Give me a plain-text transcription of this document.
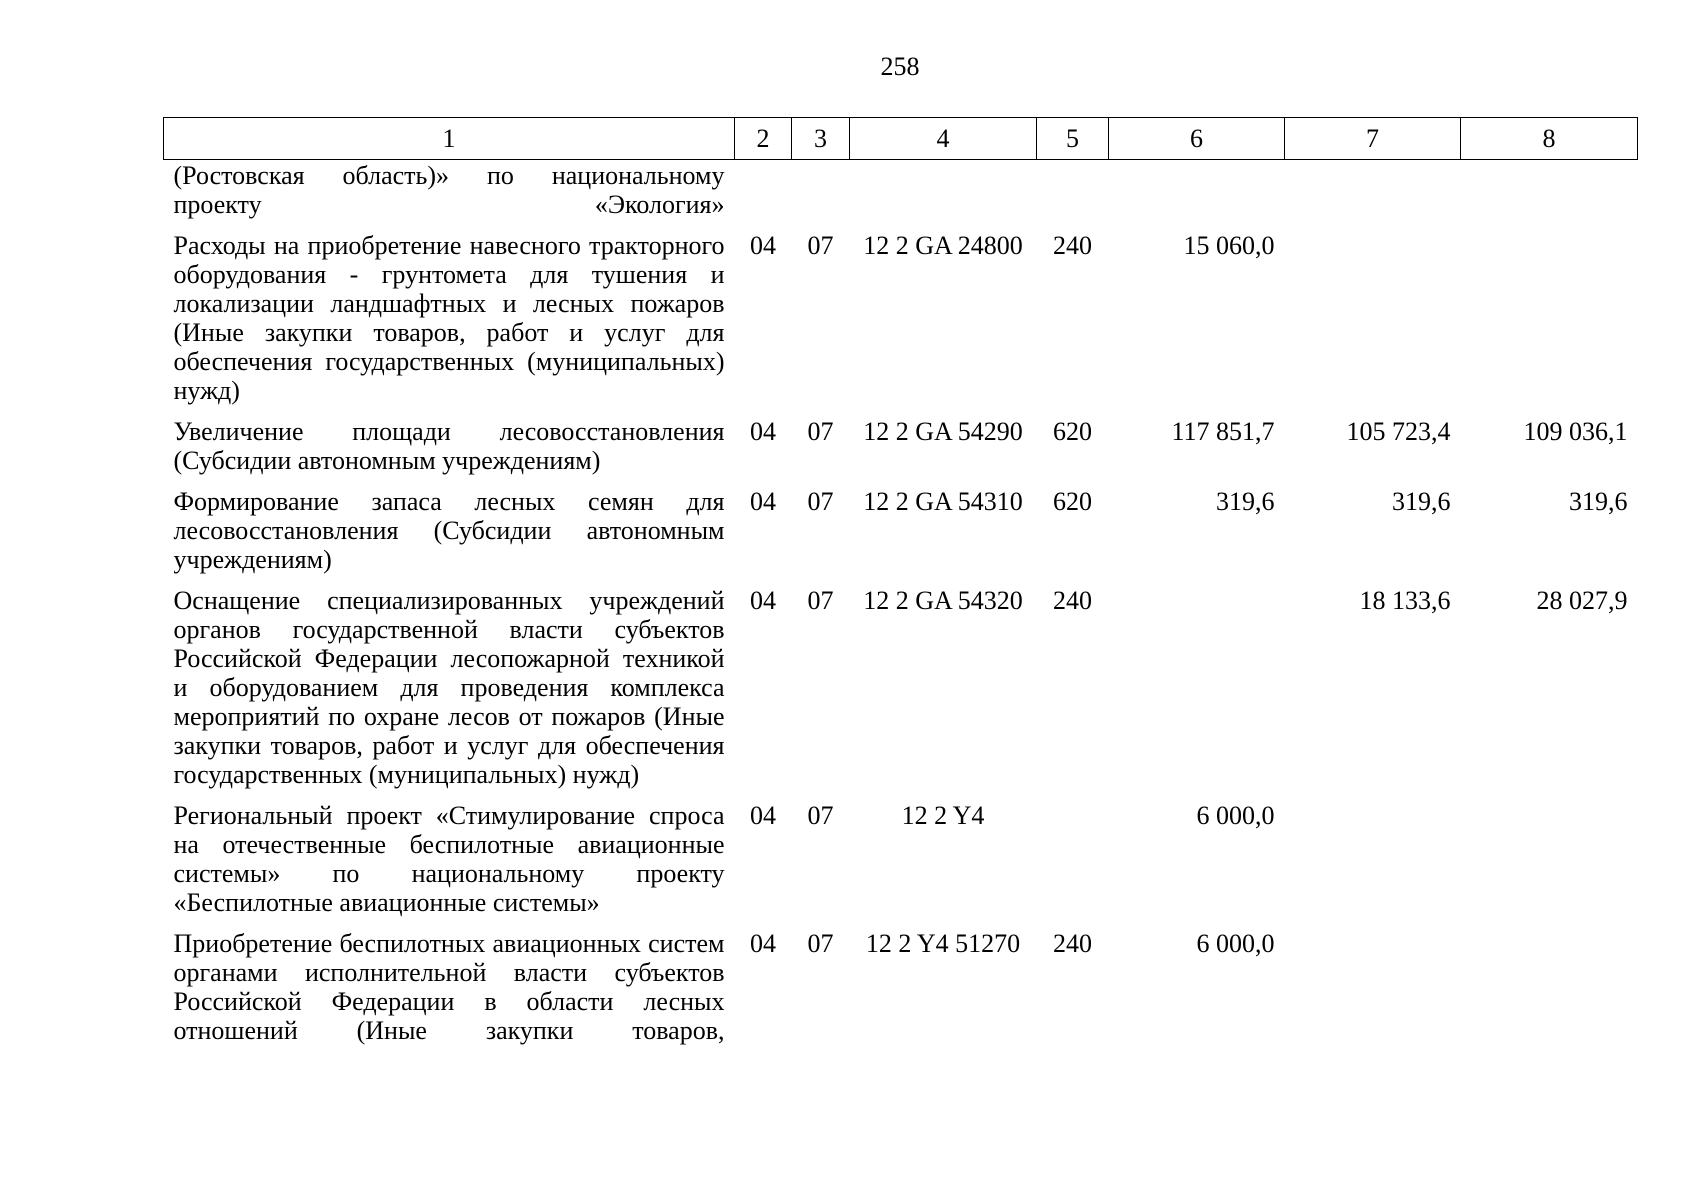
258
1	2	3	4	5	6	7	8
(Ростовская область)» по национальному проекту «Экология»							
Расходы на приобретение навесного тракторного оборудования - грунтомета для тушения и локализации ландшафтных и лесных пожаров (Иные закупки товаров, работ и услуг для обеспечения государственных (муниципальных) нужд)	04	07	12 2 GA 24800	240	15 060,0		
Увеличение площади лесовосстановления (Субсидии автономным учреждениям)	04	07	12 2 GA 54290	620	117 851,7	105 723,4	109 036,1
Формирование запаса лесных семян для лесовосстановления (Субсидии автономным учреждениям)	04	07	12 2 GA 54310	620	319,6	319,6	319,6
Оснащение специализированных учреждений органов государственной власти субъектов Российской Федерации лесопожарной техникой и оборудованием для проведения комплекса мероприятий по охране лесов от пожаров (Иные закупки товаров, работ и услуг для обеспечения государственных (муниципальных) нужд)	04	07	12 2 GA 54320	240		18 133,6	28 027,9
Региональный проект «Стимулирование спроса на отечественные беспилотные авиационные системы» по национальному проекту «Беспилотные авиационные системы»	04	07	12 2 Y4		6 000,0		
Приобретение беспилотных авиационных систем органами исполнительной власти субъектов Российской Федерации в области лесных отношений (Иные закупки товаров,	04	07	12 2 Y4 51270	240	6 000,0		
